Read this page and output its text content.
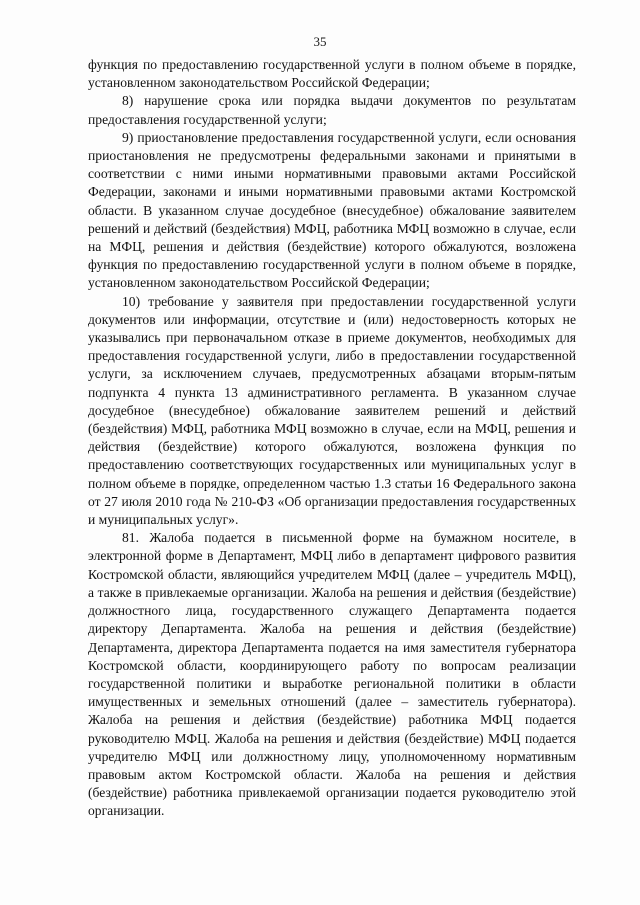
35

функция по предоставлению государственной услуги в полном объеме в порядке, установленном законодательством Российской Федерации;

8) нарушение срока или порядка выдачи документов по результатам предоставления государственной услуги;

9) приостановление предоставления государственной услуги, если основания приостановления не предусмотрены федеральными законами и принятыми в соответствии с ними иными нормативными правовыми актами Российской Федерации, законами и иными нормативными правовыми актами Костромской области. В указанном случае досудебное (внесудебное) обжалование заявителем решений и действий (бездействия) МФЦ, работника МФЦ возможно в случае, если на МФЦ, решения и действия (бездействие) которого обжалуются, возложена функция по предоставлению государственной услуги в полном объеме в порядке, установленном законодательством Российской Федерации;

10) требование у заявителя при предоставлении государственной услуги документов или информации, отсутствие и (или) недостоверность которых не указывались при первоначальном отказе в приеме документов, необходимых для предоставления государственной услуги, либо в предоставлении государственной услуги, за исключением случаев, предусмотренных абзацами вторым-пятым подпункта 4 пункта 13 административного регламента. В указанном случае досудебное (внесудебное) обжалование заявителем решений и действий (бездействия) МФЦ, работника МФЦ возможно в случае, если на МФЦ, решения и действия (бездействие) которого обжалуются, возложена функция по предоставлению соответствующих государственных или муниципальных услуг в полном объеме в порядке, определенном частью 1.3 статьи 16 Федерального закона от 27 июля 2010 года № 210-ФЗ «Об организации предоставления государственных и муниципальных услуг».

81. Жалоба подается в письменной форме на бумажном носителе, в электронной форме в Департамент, МФЦ либо в департамент цифрового развития Костромской области, являющийся учредителем МФЦ (далее – учредитель МФЦ), а также в привлекаемые организации. Жалоба на решения и действия (бездействие) должностного лица, государственного служащего Департамента подается директору Департамента. Жалоба на решения и действия (бездействие) Департамента, директора Департамента подается на имя заместителя губернатора Костромской области, координирующего работу по вопросам реализации государственной политики и выработке региональной политики в области имущественных и земельных отношений (далее – заместитель губернатора). Жалоба на решения и действия (бездействие) работника МФЦ подается руководителю МФЦ. Жалоба на решения и действия (бездействие) МФЦ подается учредителю МФЦ или должностному лицу, уполномоченному нормативным правовым актом Костромской области. Жалоба на решения и действия (бездействие) работника привлекаемой организации подается руководителю этой организации.
